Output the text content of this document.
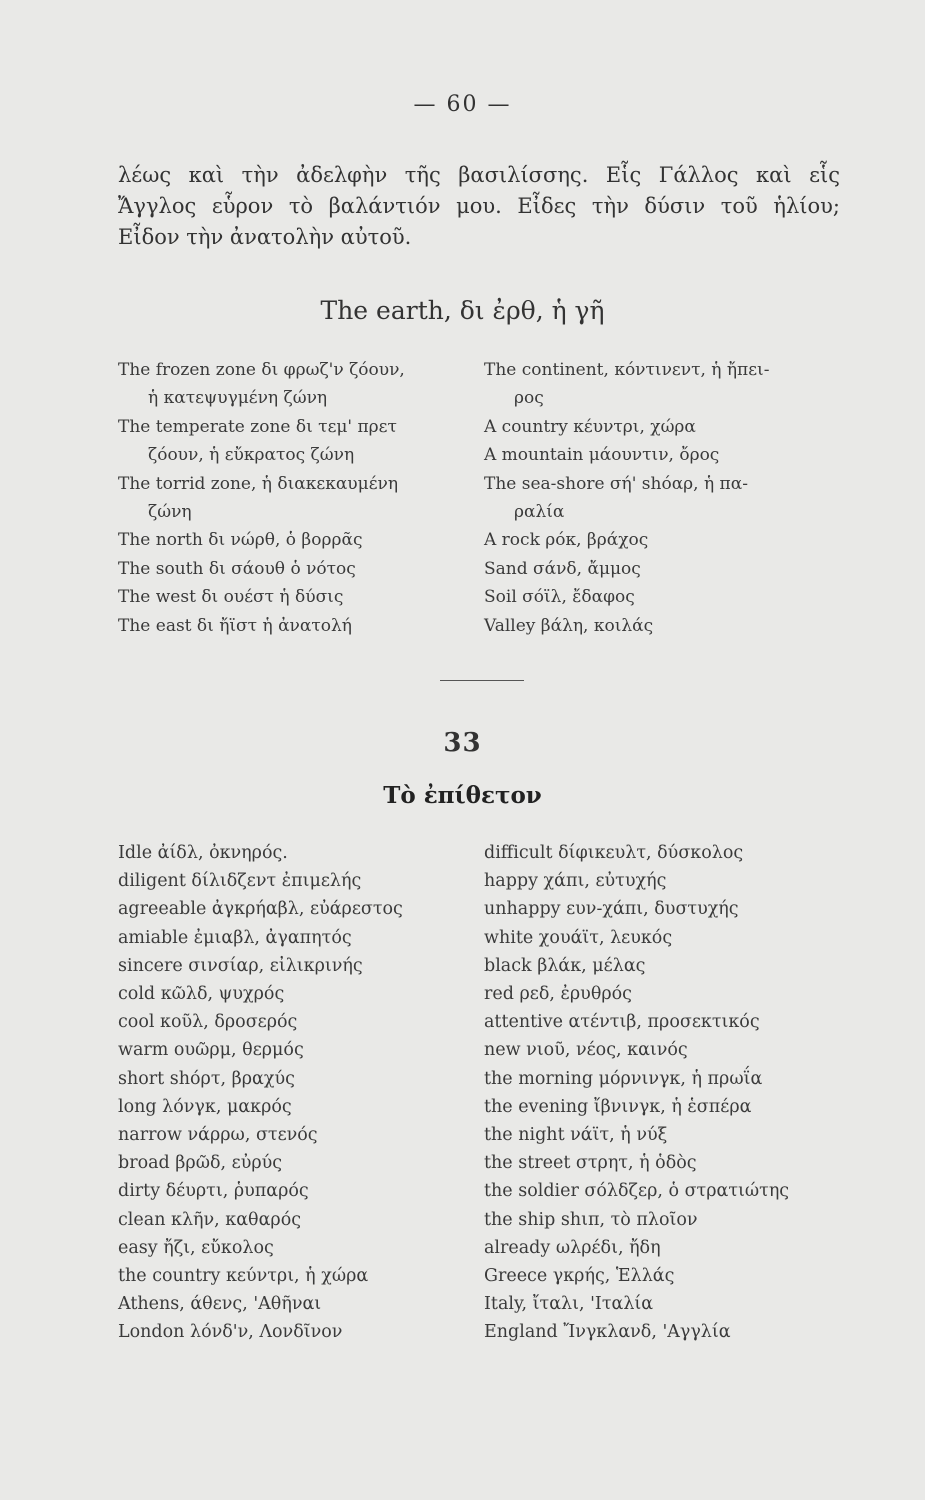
— 60 —
λέως καὶ τὴν ἀδελφὴν τῆς βασιλίσσης. Εἷς Γάλλος καὶ εἷς
Ἄγγλος εὗρον τὸ βαλάντιόν μου. Εἶδες τὴν δύσιν τοῦ ἡλίου;
Εἶδον τὴν ἀνατολὴν αὐτοῦ.
The earth, δι ἐρθ, ἡ γῆ
The frozen zone δι φρωζ'ν ζόουν,
ἡ κατεψυγμένη ζώνη
The temperate zone δι τεμ' πρετ
ζόουν, ἡ εὔκρατος ζώνη
The torrid zone, ἡ διακεκαυμένη
ζώνη
The north δι νώρθ, ὁ βορρᾶς
The south δι σάουθ ὁ νότος
The west δι ουέστ ἡ δύσις
The east δι ἤϊστ ἡ ἀνατολή
The continent, κόντινεντ, ἡ ἤπει-
ρος
A country κέυντρι, χώρα
A mountain μάουντιν, ὄρος
The sea-shore σή' shόαρ, ἡ πα-
ραλία
A rock ρόκ, βράχος
Sand σάνδ, ἄμμος
Soil σόϊλ, ἔδαφος
Valley βάλη, κοιλάς
33
Τὸ ἐπίθετον
Idle ἀίδλ, ὀκνηρός.
diligent δίλιδζεντ ἐπιμελής
agreeable ἀγκρήαβλ, εὐάρεστος
amiable ἐμιαβλ, ἀγαπητός
sincere σινσίαρ, εἰλικρινής
cold κῶλδ, ψυχρός
cool κοῦλ, δροσερός
warm ουῶρμ, θερμός
short shόρτ, βραχύς
long λόνγκ, μακρός
narrow νάρρω, στενός
broad βρῶδ, εὐρύς
dirty δέυρτι, ῥυπαρός
clean κλῆν, καθαρός
easy ἤζι, εὔκολος
the country κεύντρι, ἡ χώρα
Athens, άθενς, 'Αθῆναι
London λόνδ'ν, Λονδῖνον
difficult δίφικευλτ, δύσκολος
happy χάπι, εὐτυχής
unhappy ευν-χάπι, δυστυχής
white χουάϊτ, λευκός
black βλάκ, μέλας
red ρεδ, ἐρυθρός
attentive ατέντιβ, προσεκτικός
new νιοῦ, νέος, καινός
the morning μόρνινγκ, ἡ πρωΐα
the evening ἴβνινγκ, ἡ ἑσπέρα
the night νάϊτ, ἡ νύξ
the street στρητ, ἡ ὁδὸς
the soldier σόλδζερ, ὁ στρατιώτης
the ship shιπ, τὸ πλοῖον
already ωλρέδι, ἤδη
Greece γκρής, Ἑλλάς
Italy, ἴταλι, 'Ιταλία
England Ἴνγκλανδ, 'Αγγλία
